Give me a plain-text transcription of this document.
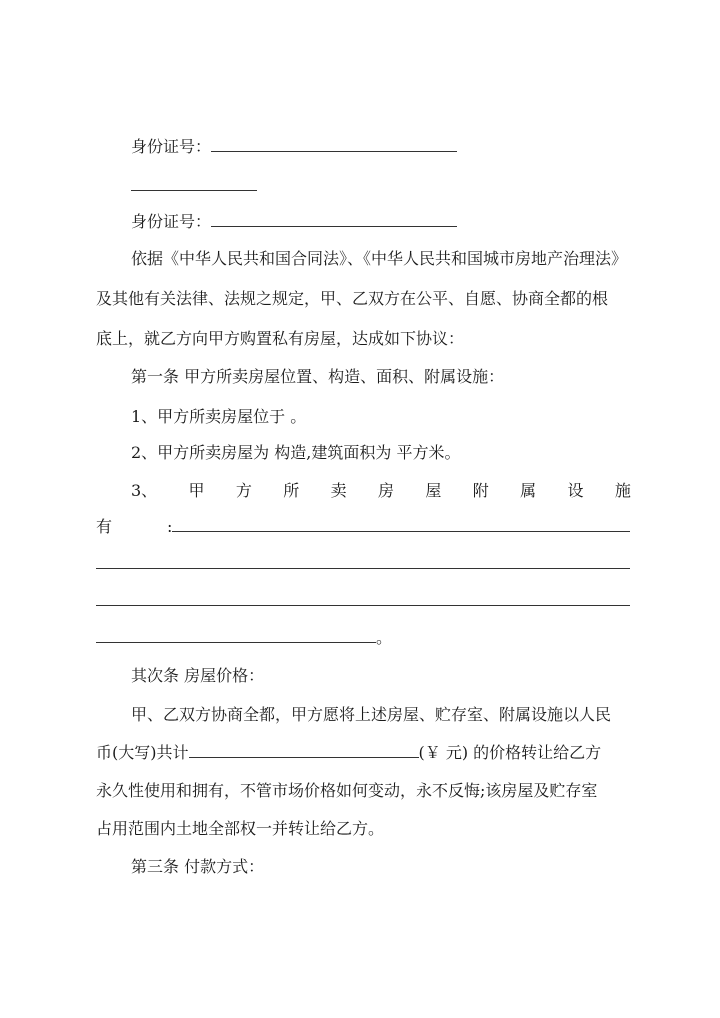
身份证号：
身份证号：
依据《中华人民共和国合同法》、《中华人民共和国城市房地产治理法》
及其他有关法律、法规之规定，甲、乙双方在公平、自愿、协商全都的根
底上，就乙方向甲方购置私有房屋，达成如下协议：
第一条 甲方所卖房屋位置、构造、面积、附属设施：
1、甲方所卖房屋位于 。
2、甲方所卖房屋为 构造,建筑面积为 平方米。
3、 甲 方 所 卖 房 屋 附 属 设 施
有	:
。
其次条 房屋价格：
甲、乙双方协商全都，甲方愿将上述房屋、贮存室、附属设施以人民
币(大写)共计	(￥ 元) 的价格转让给乙方
永久性使用和拥有，不管市场价格如何变动，永不反悔;该房屋及贮存室
占用范围内土地全部权一并转让给乙方。
第三条 付款方式：
